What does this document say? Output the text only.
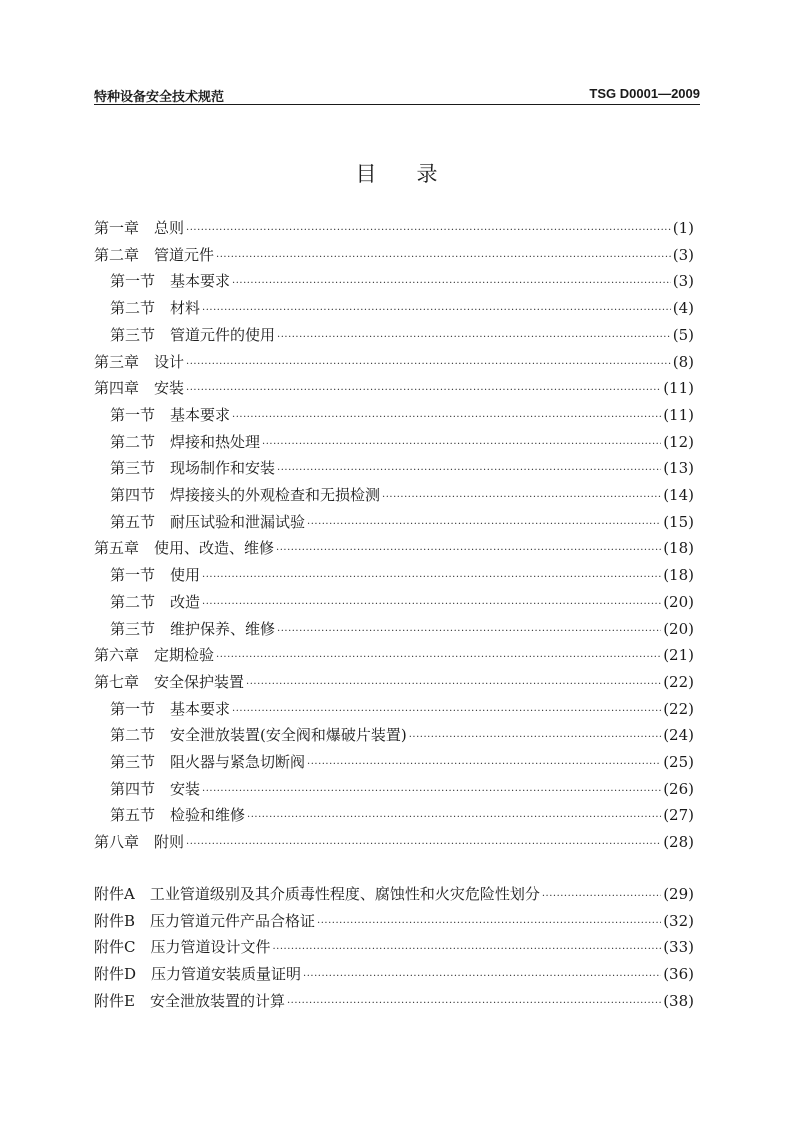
特种设备安全技术规范	TSG D0001—2009
目录
第一章 总则 ·····	(1)
第二章 管道元件 ·····	(3)
第一节 基本要求 ·····	(3)
第二节 材料 ·····	(4)
第三节 管道元件的使用 ·····	(5)
第三章 设计 ·····	(8)
第四章 安装 ·····	(11)
第一节 基本要求 ·····	(11)
第二节 焊接和热处理 ·····	(12)
第三节 现场制作和安装 ·····	(13)
第四节 焊接接头的外观检查和无损检测 ·····	(14)
第五节 耐压试验和泄漏试验 ·····	(15)
第五章 使用、改造、维修 ·····	(18)
第一节 使用 ·····	(18)
第二节 改造 ·····	(20)
第三节 维护保养、维修 ·····	(20)
第六章 定期检验 ·····	(21)
第七章 安全保护装置 ·····	(22)
第一节 基本要求 ·····	(22)
第二节 安全泄放装置(安全阀和爆破片装置) ·····	(24)
第三节 阻火器与紧急切断阀 ·····	(25)
第四节 安装 ·····	(26)
第五节 检验和维修 ·····	(27)
第八章 附则 ·····	(28)
附件A 工业管道级别及其介质毒性程度、腐蚀性和火灾危险性划分 ·····	(29)
附件B 压力管道元件产品合格证 ·····	(32)
附件C 压力管道设计文件 ·····	(33)
附件D 压力管道安装质量证明 ·····	(36)
附件E 安全泄放装置的计算 ·····	(38)
